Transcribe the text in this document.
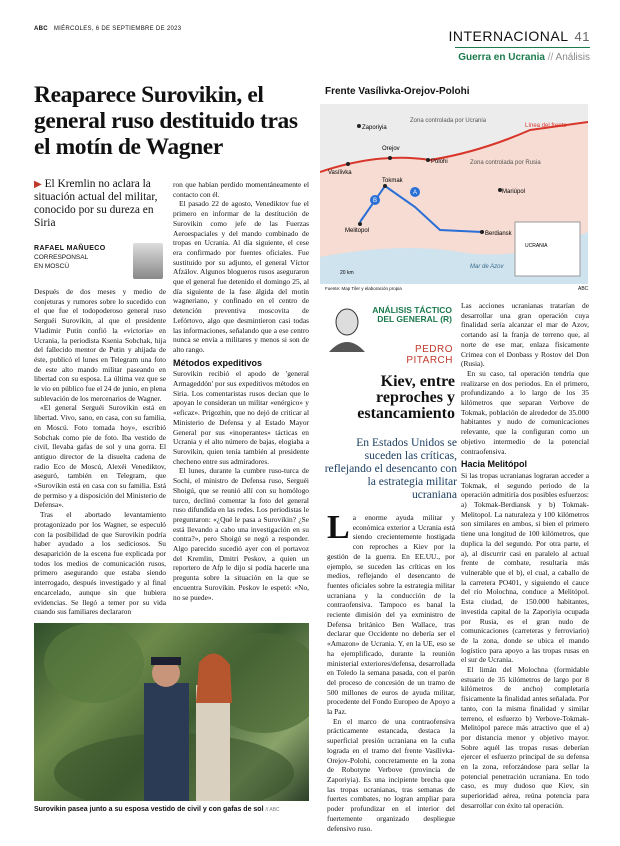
ABC MIÉRCOLES, 6 DE SEPTIEMBRE DE 2023	INTERNACIONAL 41
Guerra en Ucrania // Análisis
Reaparece Surovikin, el general ruso destituido tras el motín de Wagner
▶ El Kremlin no aclara la situación actual del militar, conocido por su dureza en Siria
RAFAEL MAÑUECO
CORRESPONSAL
EN MOSCÚ

Después de dos meses y medio de conjeturas y rumores sobre lo sucedido con el que fue el todopoderoso general ruso Serguéi Surovikin, al que el presidente Vladimir Putin confió la «victoria» en Ucrania, la periodista Ksenia Sobchak, hija del fallecido mentor de Putin y ahijada de éste, publicó el lunes en Telegram una foto de este alto mando militar paseando en libertad con su esposa. La última vez que se le vio en público fue el 24 de junio, en plena sublevación de los mercenarios de Wagner.

«El general Serguéi Surovikin está en libertad. Vivo, sano, en casa, con su familia, en Moscú. Foto tomada hoy», escribió Sobchak como pie de foto. Iba vestido de civil, llevaba gafas de sol y una gorra. El antiguo director de la disuelta cadena de radio Eco de Moscú, Alexéi Venediktov, aseguró, también en Telegram, que «Surovikin está en casa con su familia. Está de permiso y a disposición del Ministerio de Defensa».

Tras el abortado levantamiento protagonizado por los Wagner, se especuló con la posibilidad de que Surovikin podría haber ayudado a los sediciosos. Su desaparición de la escena fue explicada por todos los medios de comunicación rusos, primero asegurando que estaba siendo interrogado, después investigado y al final encarcelado, aunque sin que hubiera evidencias. Se llegó a temer por su vida cuando sus familiares declararon

ron que habían perdido momentáneamente el contacto con él.

El pasado 22 de agosto, Venediktov fue el primero en informar de la destitución de Surovikin como jefe de las Fuerzas Aeroespaciales y del mando combinado de tropas en Ucrania. Al día siguiente, el cese era confirmado por fuentes oficiales. Fue sustituido por su adjunto, el general Víctor Afzálov. Algunos blogueros rusos aseguraron que el general fue detenido el domingo 25, al día siguiente de la fase álgida del motín wagneriano, y confinado en el centro de detención preventiva moscovita de Lefórtovo, algo que desmintieron casi todas las informaciones, señalando que a ese centro nunca se envía a militares y menos si son de alto rango.

Métodos expeditivos

Surovikin recibió el apodo de 'general Armageddón' por sus expeditivos métodos en Siria. Los comentaristas rusos decían que le apoyan le consideran un militar «enérgico» y «eficaz». Prigozhin, que no dejó de criticar al Ministerio de Defensa y al Estado Mayor General por sus «inoperantes» tácticas en Ucrania y el alto número de bajas, elogiaba a Surovikin, quien tenía también al presidente checheno entre sus admiradores.

El lunes, durante la cumbre ruso-turca de Sochi, el ministro de Defensa ruso, Serguéi Shoigú, que se reunió allí con su homólogo turco, declinó comentar la foto del general ruso difundida en las redes. Los periodistas le preguntaron: «¿Qué le pasa a Surovikin? ¿Se está llevando a cabo una investigación en su contra?», pero Shoigú se negó a responder. Algo parecido sucedió ayer con el portavoz del Kremlin, Dmitri Peskov, a quien un reportero de Afp le dijo si podía hacerle una pregunta sobre la situación en la que se encuentra Surovikin. Peskov le espetó: «No, no se puede».

Surovikin pasea junto a su esposa vestido de civil y con gafas de sol // ABC
Frente Vasílivka-Orejov-Polohi
Zaporiyia
Orejov
Polohi
Vasílivka
Tokmak
Mariúpol
Melitopol	Berdiansk
Zona controlada por Ucrania
Zona controlada por Rusia
Línea del frente
Mar de Azov
20 km
UCRANIA
A
B
Fuente: Map Tiler y elaboración propia	ABC
ANÁLISIS TÁCTICO DEL GENERAL (R)
PEDRO
PITARCH
Kiev, entre reproches y estancamiento
En Estados Unidos se suceden las críticas, reflejando el desencanto con la estrategia militar ucraniana

La enorme ayuda militar y económica exterior a Ucrania está siendo crecientemente hostigada con reproches a Kiev por la gestión de la guerra. En EE.UU., por ejemplo, se suceden las críticas en los medios, reflejando el desencanto de fuentes oficiales sobre la estrategia militar ucraniana y la conducción de la contraofensiva. Tampoco es banal la reciente dimisión del ya exministro de Defensa británico Ben Wallace, tras declarar que Occidente no debería ser el «Amazon» de Ucrania. Y, en la UE, eso se ha ejemplificado, durante la reunión ministerial exteriores/defensa, desarrollada en Toledo la semana pasada, con el parón del proceso de concesión de un tramo de 500 millones de euros de ayuda militar, procedente del Fondo Europeo de Apoyo a la Paz.

En el marco de una contraofensiva prácticamente estancada, destaca la superficial presión ucraniana en la cuña lograda en el tramo del frente Vasílivka-Orejov-Polohi, concretamente en la zona de Robotyne Verbove (provincia de Zaporiyia). Es una incipiente brecha que las tropas ucranianas, tras semanas de fuertes combates, no logran ampliar para poder profundizar en el interior del fuertemente organizado despliegue defensivo ruso.

Las acciones ucranianas tratarían de desarrollar una gran operación cuya finalidad sería alcanzar el mar de Azov, cortando así la franja de terreno que, al norte de ese mar, enlaza físicamente Crimea con el Donbass y Rostov del Don (Rusia).

En su caso, tal operación tendría que realizarse en dos periodos. En el primero, profundizando a lo largo de los 35 kilómetros que separan Verbove de Tokmak, población de alrededor de 35.000 habitantes y nudo de comunicaciones relevante, que la configuran como un objetivo intermedio de la potencial contraofensiva.

Hacia Melitópol

Si las tropas ucranianas lograran acceder a Tokmak, el segundo periodo de la operación admitiría dos posibles esfuerzos: a) Tokmak-Berdiansk y b) Tokmak-Melitopol. La naturaleza y 100 kilómetros son similares en ambos, si bien el primero tiene una longitud de 100 kilómetros, que duplica la del segundo. Por otra parte, el a), al discurrir casi en paralelo al actual frente de combate, resultaría más vulnerable que el b), el cual, a caballo de la carretera PO401, y siguiendo el cauce del río Molochna, conduce a Melitópol. Esta ciudad, de 150.000 habitantes, investida capital de la Zaporiyia ocupada por Rusia, es el gran nudo de comunicaciones (carreteras y ferroviario) de la zona, donde se ubica el mando logístico para apoyo a las tropas rusas en el sur de Ucrania.

El limán del Molochna (formidable estuario de 35 kilómetros de largo por 8 kilómetros de ancho) completaría físicamente la finalidad antes señalada. Por tanto, con la misma finalidad y similar terreno, el esfuerzo b) Verbove-Tokmak-Melitópol parece más atractivo que el a) por distancia menor y objetivo mayor. Sobre aquél las tropas rusas deberían ejercer el esfuerzo principal de su defensa en la zona, reforzándose para sellar la potencial penetración ucraniana. En todo caso, es muy dudoso que Kiev, sin superioridad aérea, reúna potencia para desarrollar con éxito tal operación.
